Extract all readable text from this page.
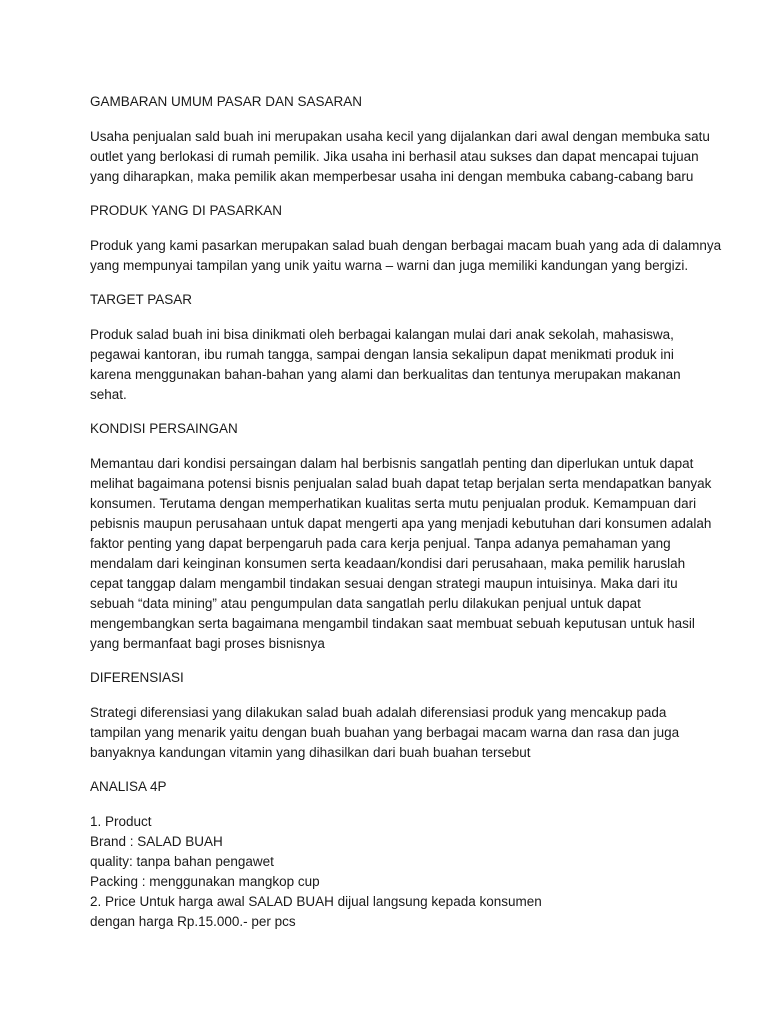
GAMBARAN UMUM PASAR DAN SASARAN

Usaha penjualan sald buah ini merupakan usaha kecil yang dijalankan dari awal dengan membuka satu
outlet yang berlokasi di rumah pemilik. Jika usaha ini berhasil atau sukses dan dapat mencapai tujuan
yang diharapkan, maka pemilik akan memperbesar usaha ini dengan membuka cabang-cabang baru

PRODUK YANG DI PASARKAN

Produk yang kami pasarkan merupakan salad buah dengan berbagai macam buah yang ada di dalamnya
yang mempunyai tampilan yang unik yaitu warna – warni dan juga memiliki kandungan yang bergizi.

TARGET PASAR

Produk salad buah ini bisa dinikmati oleh berbagai kalangan mulai dari anak sekolah, mahasiswa,
pegawai kantoran, ibu rumah tangga, sampai dengan lansia sekalipun dapat menikmati produk ini
karena menggunakan bahan-bahan yang alami dan berkualitas dan tentunya merupakan makanan
sehat.

KONDISI PERSAINGAN

Memantau dari kondisi persaingan dalam hal berbisnis sangatlah penting dan diperlukan untuk dapat
melihat bagaimana potensi bisnis penjualan salad buah dapat tetap berjalan serta mendapatkan banyak
konsumen. Terutama dengan memperhatikan kualitas serta mutu penjualan produk. Kemampuan dari
pebisnis maupun perusahaan untuk dapat mengerti apa yang menjadi kebutuhan dari konsumen adalah
faktor penting yang dapat berpengaruh pada cara kerja penjual. Tanpa adanya pemahaman yang
mendalam dari keinginan konsumen serta keadaan/kondisi dari perusahaan, maka pemilik haruslah
cepat tanggap dalam mengambil tindakan sesuai dengan strategi maupun intuisinya. Maka dari itu
sebuah “data mining” atau pengumpulan data sangatlah perlu dilakukan penjual untuk dapat
mengembangkan serta bagaimana mengambil tindakan saat membuat sebuah keputusan untuk hasil
yang bermanfaat bagi proses bisnisnya

DIFERENSIASI

Strategi diferensiasi yang dilakukan salad buah adalah diferensiasi produk yang mencakup pada
tampilan yang menarik yaitu dengan buah buahan yang berbagai macam warna dan rasa dan juga
banyaknya kandungan vitamin yang dihasilkan dari buah buahan tersebut

ANALISA 4P

1. Product
Brand : SALAD BUAH
quality: tanpa bahan pengawet
Packing : menggunakan mangkop cup
2. Price Untuk harga awal SALAD BUAH dijual langsung kepada konsumen
dengan harga Rp.15.000.- per pcs
